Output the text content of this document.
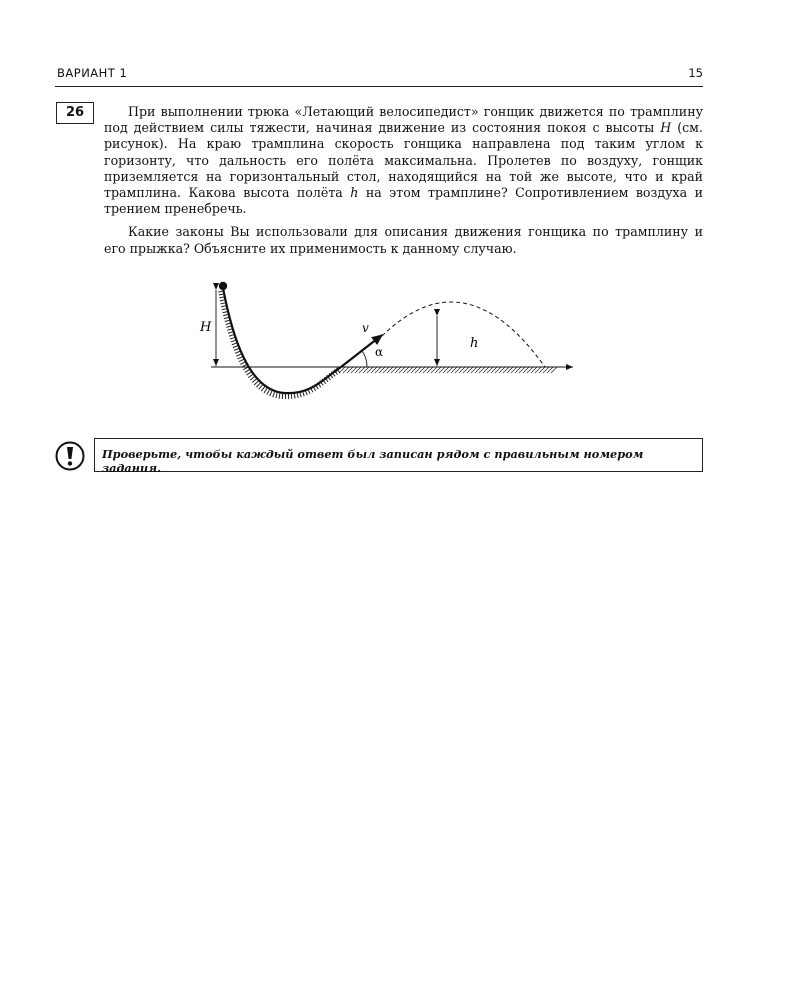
ВАРИАНТ 1	15
26	При выполнении трюка «Летающий велосипедист» гонщик движется по трамплину под действием силы тяжести, начиная движение из состояния покоя с высоты H (см. рисунок). На краю трамплина скорость гонщика направлена под таким углом к горизонту, что дальность его полёта максимальна. Пролетев по воздуху, гонщик приземляется на горизонтальный стол, находящийся на той же высоте, что и край трамплина. Какова высота полёта h на этом трамплине? Сопротивлением воздуха и трением пренебречь.

Какие законы Вы использовали для описания движения гонщика по трамплину и его прыжка? Объясните их применимость к данному случаю.

H	v
α
h
Проверьте, чтобы каждый ответ был записан рядом с правильным номером задания.
